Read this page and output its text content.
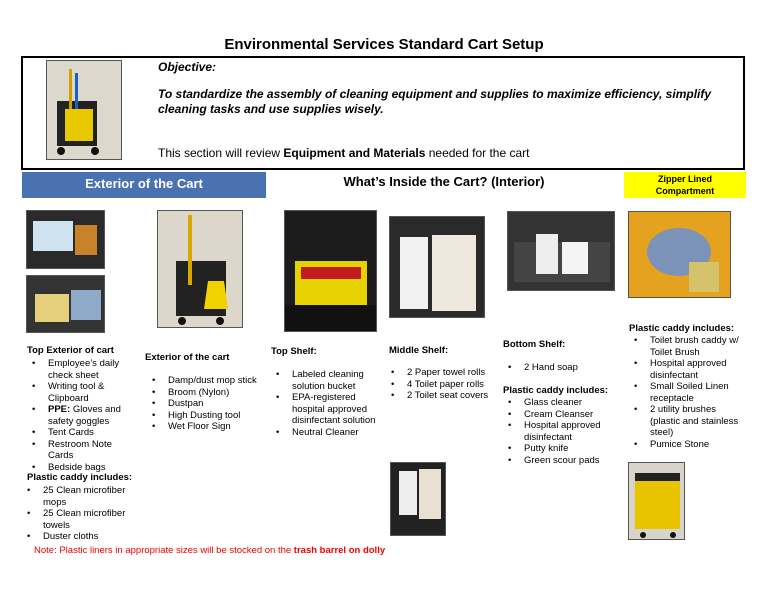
Environmental Services Standard Cart Setup
Objective:
To standardize the assembly of cleaning equipment and supplies to maximize efficiency, simplify cleaning tasks and use supplies wisely.
This section will review Equipment and Materials needed for the cart
Exterior of the Cart	What’s Inside the Cart? (Interior)	Zipper Lined
Compartment
Top Exterior of cart
• Employee’s daily check sheet
• Writing tool & Clipboard
• PPE: Gloves and safety goggles
• Tent Cards
• Restroom Note Cards
• Bedside bags
Plastic caddy includes:
• 25 Clean microfiber mops
• 25 Clean microfiber towels
• Duster cloths
Exterior of the cart
• Damp/dust mop stick
• Broom (Nylon)
• Dustpan
• High Dusting tool
• Wet Floor Sign
Top Shelf:
• Labeled cleaning solution bucket
• EPA-registered hospital approved disinfectant solution
• Neutral Cleaner
Middle Shelf:
• 2 Paper towel rolls
• 4 Toilet paper rolls
• 2 Toilet seat covers
Bottom Shelf:
• 2 Hand soap
Plastic caddy includes:
• Glass cleaner
• Cream Cleanser
• Hospital approved disinfectant
• Putty knife
• Green scour pads
Plastic caddy includes:
• Toilet brush caddy w/ Toilet Brush
• Hospital approved disinfectant
• Small Soiled Linen receptacle
• 2 utility brushes (plastic and stainless steel)
• Pumice Stone
Note: Plastic liners in appropriate sizes will be stocked on the trash barrel on dolly
